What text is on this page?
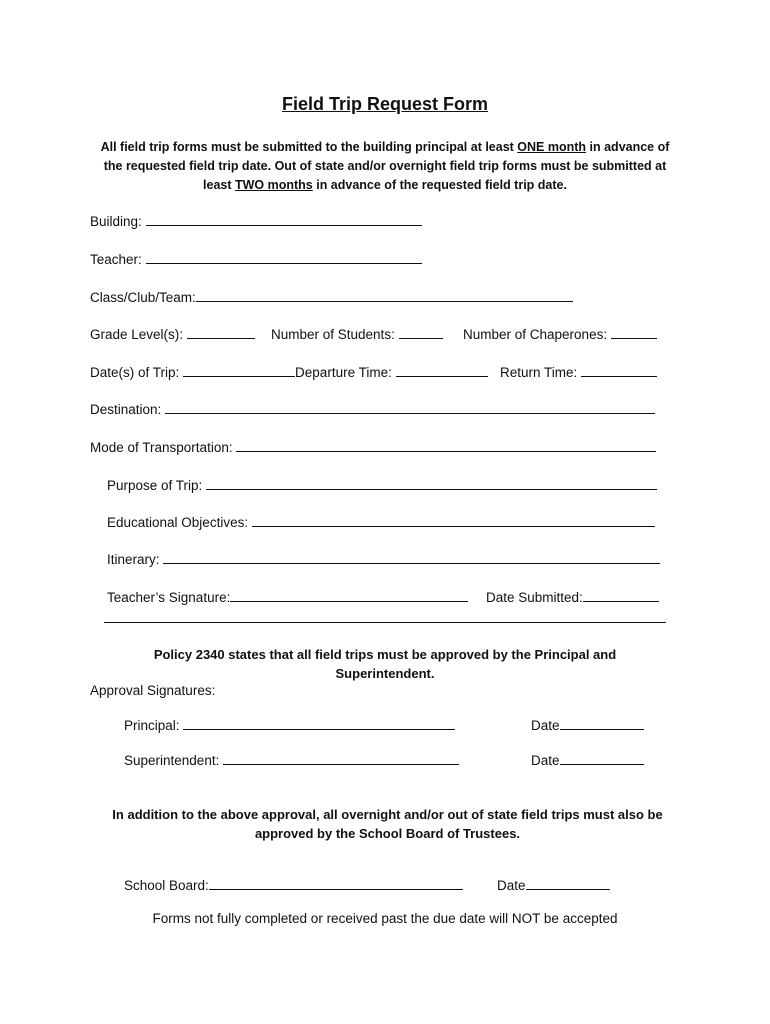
Field Trip Request Form
All field trip forms must be submitted to the building principal at least ONE month in advance of the requested field trip date. Out of state and/or overnight field trip forms must be submitted at least TWO months in advance of the requested field trip date.
Building:
Teacher:
Class/Club/Team:
Grade Level(s):	Number of Students:	Number of Chaperones:
Date(s) of Trip:	Departure Time:	Return Time:
Destination:
Mode of Transportation:
Purpose of Trip:
Educational Objectives:
Itinerary:
Teacher’s Signature:	Date Submitted:
Policy 2340 states that all field trips must be approved by the Principal and Superintendent.
Approval Signatures:
Principal:	Date
Superintendent:	Date
In addition to the above approval, all overnight and/or out of state field trips must also be approved by the School Board of Trustees.
School Board:	Date
Forms not fully completed or received past the due date will NOT be accepted
